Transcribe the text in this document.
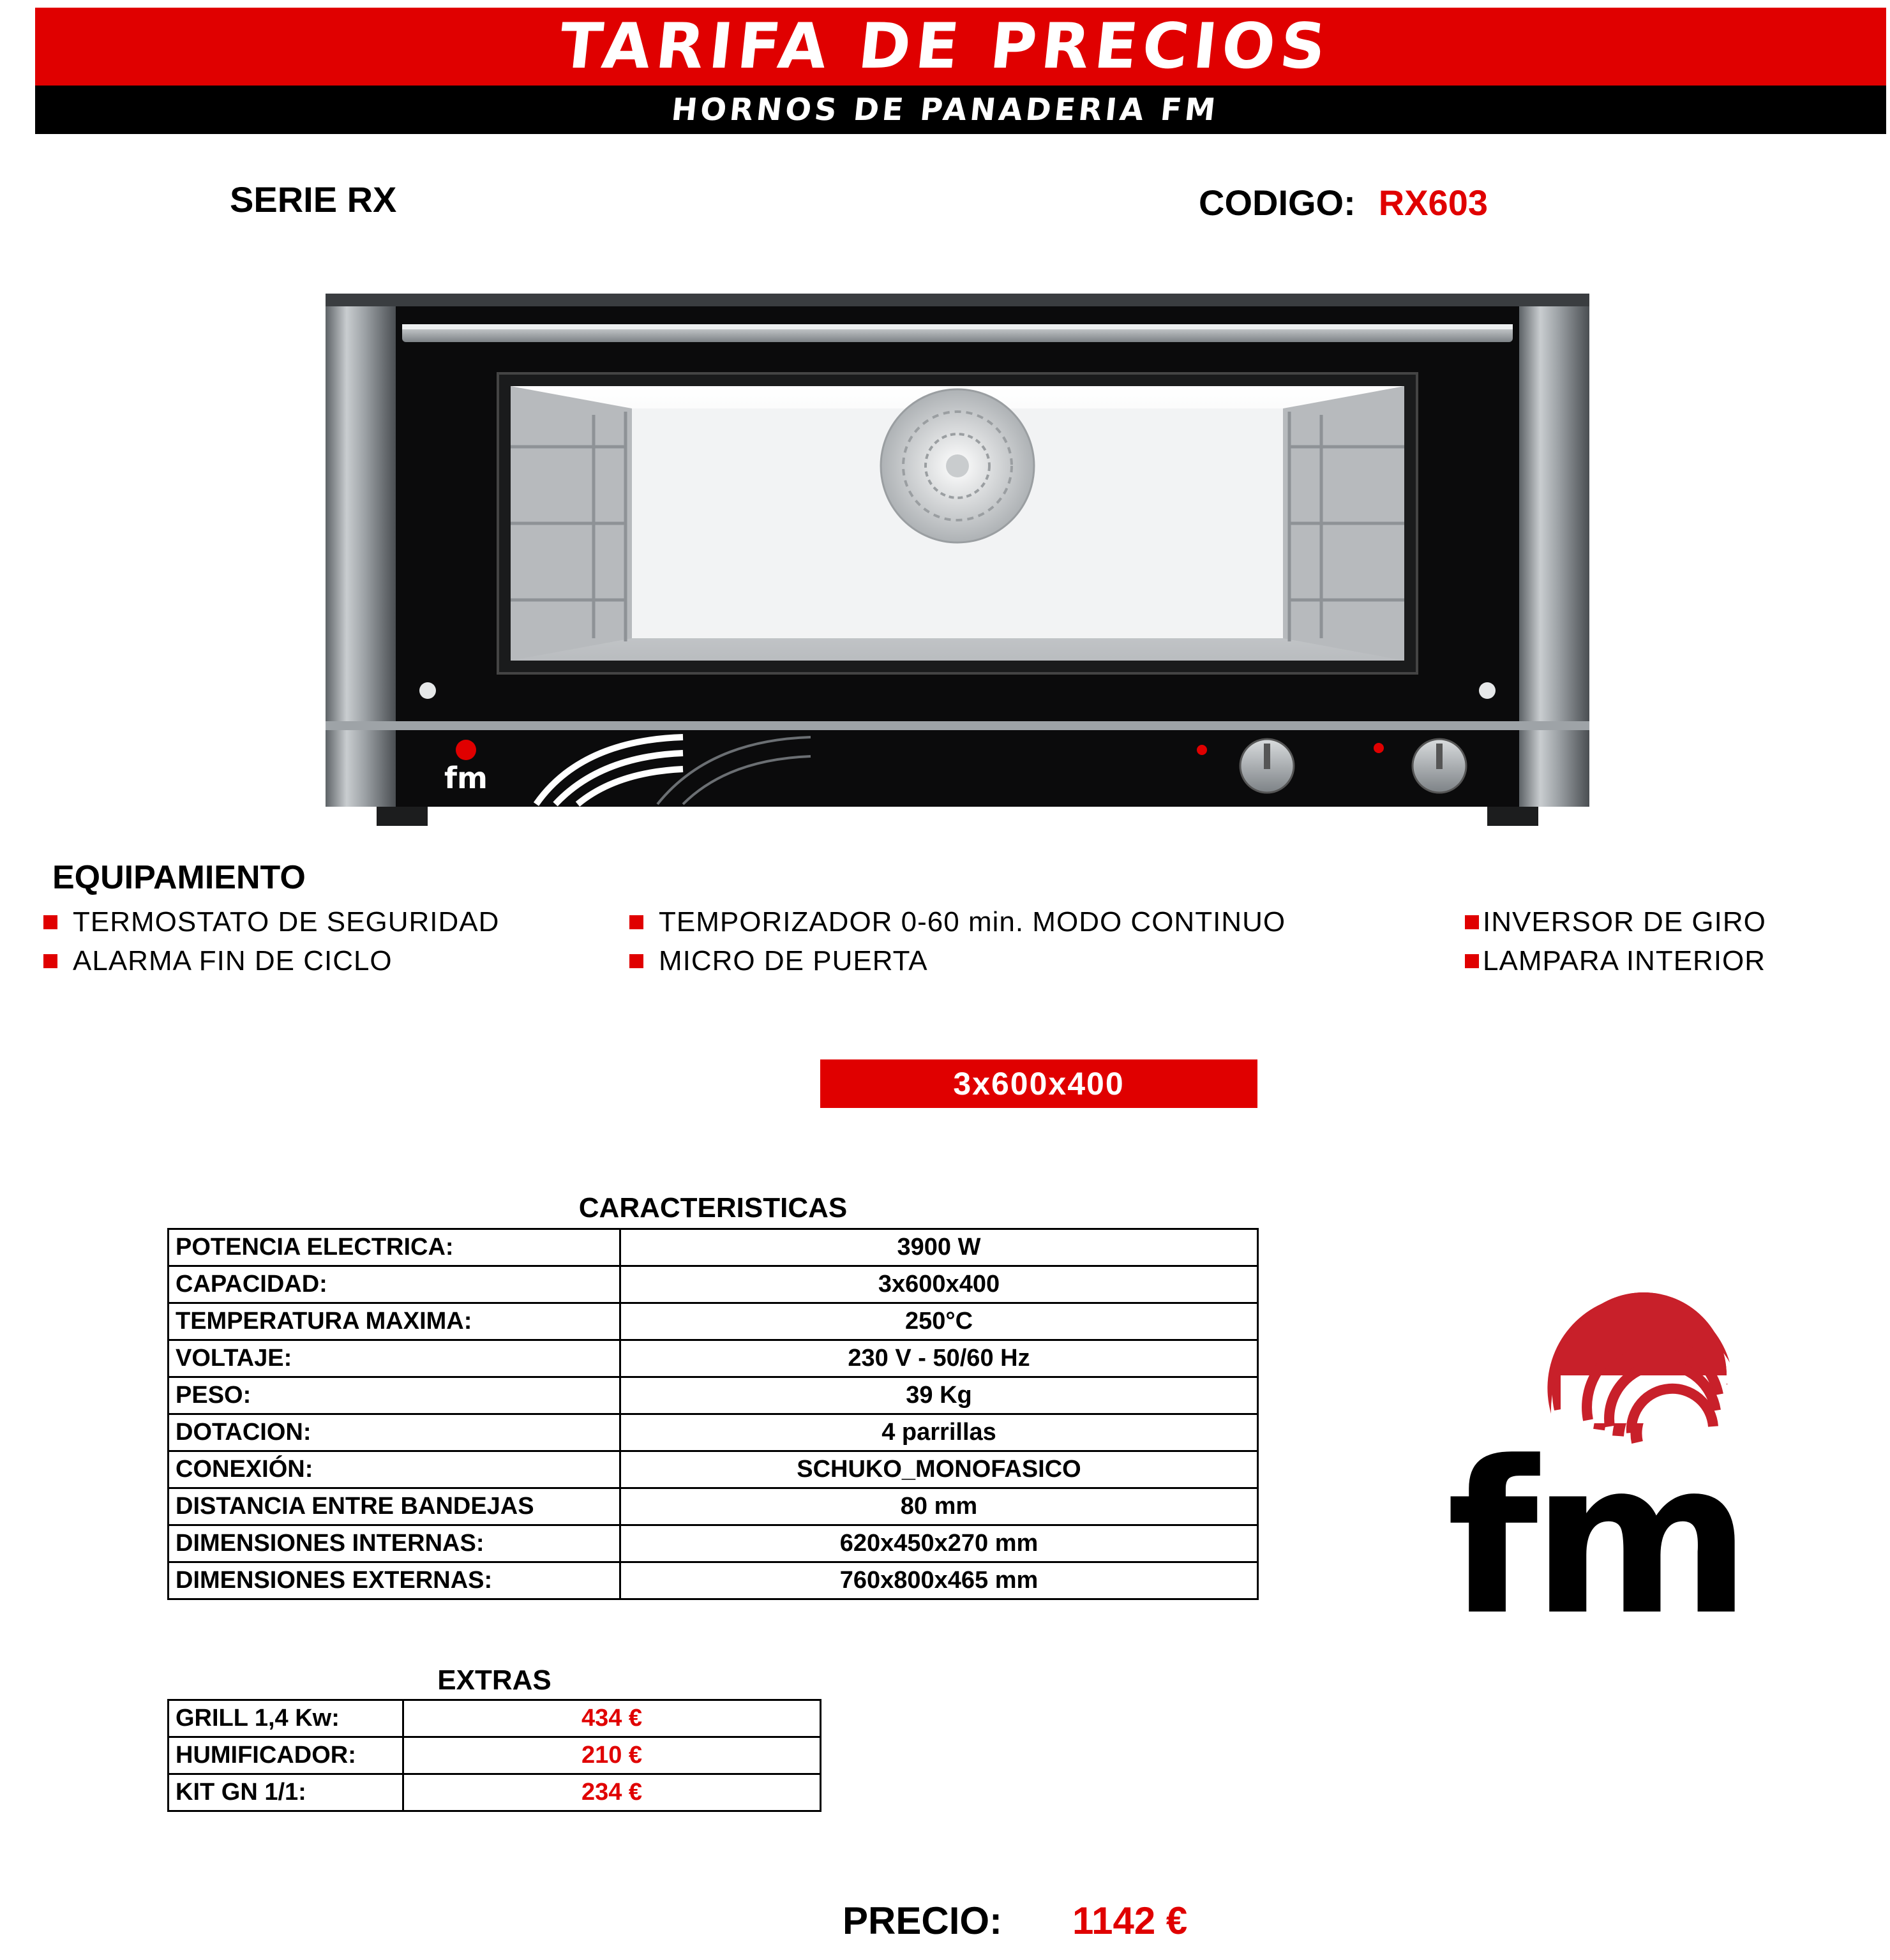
TARIFA DE PRECIOS
HORNOS DE PANADERIA FM
SERIE RX	CODIGO: RX603
fm
EQUIPAMIENTO
TERMOSTATO DE SEGURIDAD
ALARMA FIN DE CICLO
TEMPORIZADOR 0-60 min. MODO CONTINUO
MICRO DE PUERTA
INVERSOR DE GIRO
LAMPARA INTERIOR
3x600x400
CARACTERISTICAS
POTENCIA ELECTRICA:	3900 W
CAPACIDAD:	3x600x400
TEMPERATURA MAXIMA:	250°C
VOLTAJE:	230 V - 50/60 Hz
PESO:	39 Kg
DOTACION:	4 parrillas
CONEXIÓN:	SCHUKO_MONOFASICO
DISTANCIA ENTRE BANDEJAS	80 mm
DIMENSIONES INTERNAS:	620x450x270 mm
DIMENSIONES EXTERNAS:	760x800x465 mm
EXTRAS
GRILL 1,4 Kw:	434 €
HUMIFICADOR:	210 €
KIT GN 1/1:	234 €
fm
PRECIO: 1142 €
